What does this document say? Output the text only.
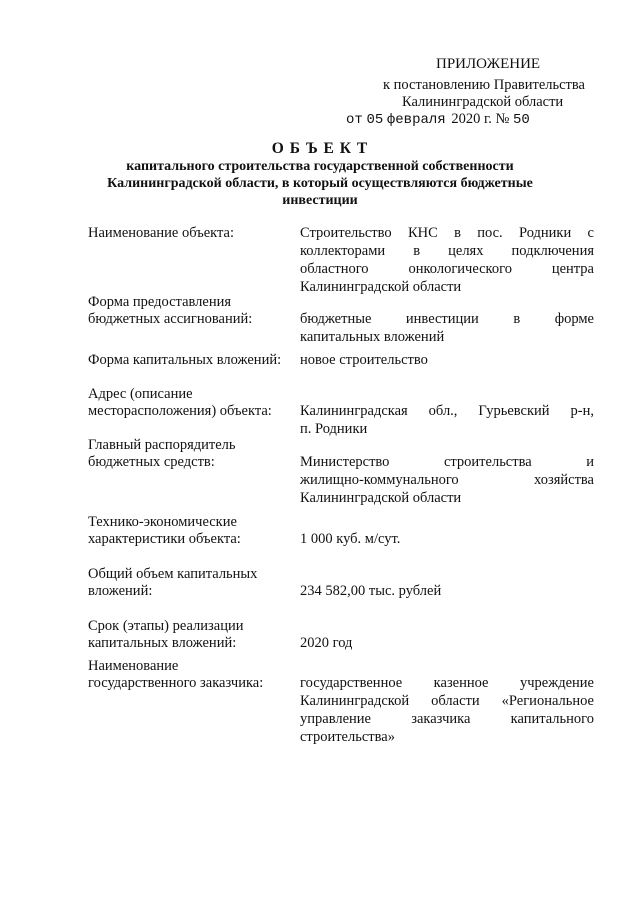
ПРИЛОЖЕНИЕ
к постановлению Правительства
Калининградской области
от 05 февраля 2020 г. № 50
О Б Ъ Е К Т
капитального строительства государственной собственности
Калининградской области, в который осуществляются бюджетные
инвестиции
Наименование объекта:	Строительство КНС в пос. Родники с
коллекторами в целях подключения
областного онкологического центра
Калининградской области
Форма предоставления
бюджетных ассигнований:	бюджетные инвестиции в форме
капитальных вложений
Форма капитальных вложений: новое строительство
Адрес (описание
месторасположения) объекта: Калининградская обл., Гурьевский р-н,
п. Родники
Главный распорядитель
бюджетных средств:	Министерство строительства и
жилищно-коммунального хозяйства
Калининградской области
Технико-экономические
характеристики объекта:	1 000 куб. м/сут.
Общий объем капитальных
вложений:	234 582,00 тыс. рублей
Срок (этапы) реализации
капитальных вложений:	2020 год
Наименование
государственного заказчика:	государственное казенное учреждение
Калининградской области «Региональное
управление заказчика капитального
строительства»
